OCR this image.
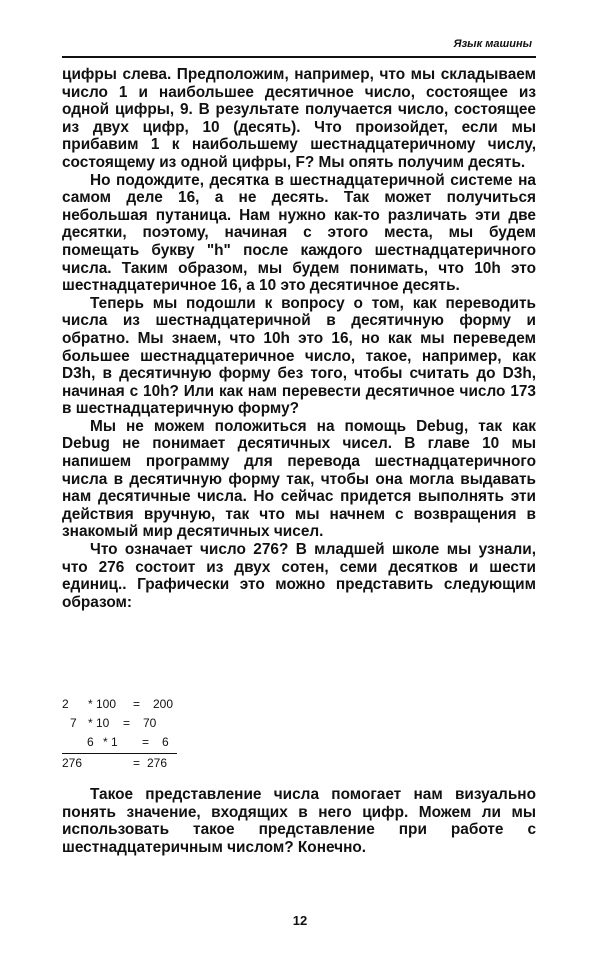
Язык машины

цифры слева. Предположим, например, что мы складываем число 1 и наибольшее десятичное число, состоящее из одной цифры, 9. В результате получается число, состоящее из двух цифр, 10 (десять). Что произойдет, если мы прибавим 1 к наибольшему шестнадцатеричному числу, состоящему из одной цифры, F? Мы опять получим десять.

Но подождите, десятка в шестнадцатеричной системе на самом деле 16, а не десять. Так может получиться небольшая путаница. Нам нужно как-то различать эти две десятки, поэтому, начиная с этого места, мы будем помещать букву "h" после каждого шестнадцатеричного числа. Таким образом, мы будем понимать, что 10h это шестнадцатеричное 16, а 10 это десятичное десять.

Теперь мы подошли к вопросу о том, как переводить числа из шестнадцатеричной в десятичную форму и обратно. Мы знаем, что 10h это 16, но как мы переведем большее шестнадцатеричное число, такое, например, как D3h, в десятичную форму без того, чтобы считать до D3h, начиная с 10h? Или как нам перевести десятичное число 173 в шестнадцатеричную форму?

Мы не можем положиться на помощь Debug, так как Debug не понимает десятичных чисел. В главе 10 мы напишем программу для перевода шестнадцатеричного числа в десятичную форму так, чтобы она могла выдавать нам десятичные числа. Но сейчас придется выполнять эти действия вручную, так что мы начнем с возвращения в знакомый мир десятичных чисел.

Что означает число 276? В младшей школе мы узнали, что 276 состоит из двух сотен, семи десятков и шести единиц.. Графически это можно представить следующим образом:

2 * 100 = 200
7 * 10 = 70
6 * 1 = 6
276	= 276

Такое представление числа помогает нам визуально понять значение, входящих в него цифр. Можем ли мы использовать такое представление при работе с шестнадцатеричным числом? Конечно.

12
